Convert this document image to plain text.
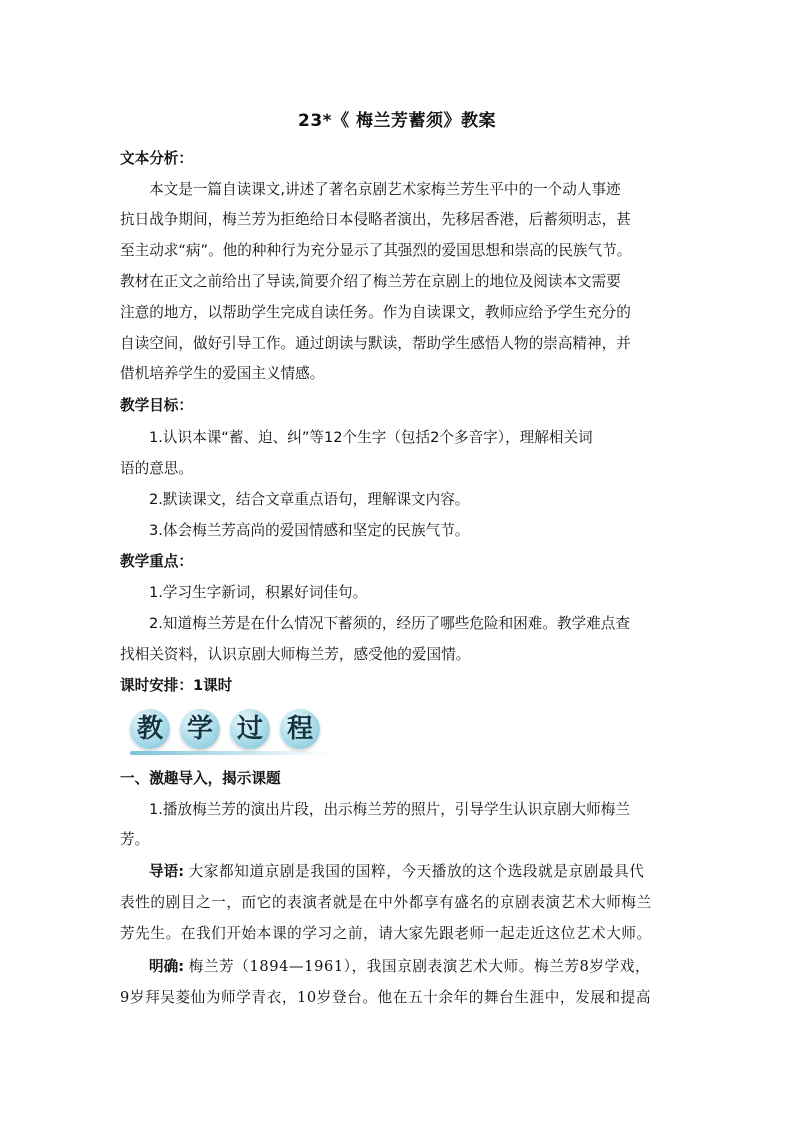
23*《 梅兰芳蓄须》教案
文本分析：
本文是一篇自读课文,讲述了著名京剧艺术家梅兰芳生平中的一个动人事迹
抗日战争期间，梅兰芳为拒绝给日本侵略者演出，先移居香港，后蓄须明志，甚
至主动求“病”。他的种种行为充分显示了其强烈的爱国思想和崇高的民族气节。
教材在正文之前给出了导读,简要介绍了梅兰芳在京剧上的地位及阅读本文需要
注意的地方，以帮助学生完成自读任务。作为自读课文，教师应给予学生充分的
自读空间，做好引导工作。通过朗读与默读，帮助学生感悟人物的崇高精神，并
借机培养学生的爱国主义情感。
教学目标：
1.认识本课“蓄、迫、纠”等12个生字（包括2个多音字），理解相关词
语的意思。
2.默读课文，结合文章重点语句，理解课文内容。
3.体会梅兰芳高尚的爱国情感和坚定的民族气节。
教学重点：
1.学习生字新词，积累好词佳句。
2.知道梅兰芳是在什么情况下蓄须的，经历了哪些危险和困难。教学难点查
找相关资料，认识京剧大师梅兰芳，感受他的爱国情。
课时安排：1课时
教 学 过 程
一、激趣导入，揭示课题
1.播放梅兰芳的演出片段，出示梅兰芳的照片，引导学生认识京剧大师梅兰
芳。
导语: 大家都知道京剧是我国的国粹，今天播放的这个选段就是京剧最具代
表性的剧目之一，而它的表演者就是在中外都享有盛名的京剧表演艺术大师梅兰
芳先生。在我们开始本课的学习之前，请大家先跟老师一起走近这位艺术大师。
明确: 梅兰芳（1894—1961），我国京剧表演艺术大师。梅兰芳8岁学戏，
9岁拜吴菱仙为师学青衣，10岁登台。他在五十余年的舞台生涯中，发展和提高
